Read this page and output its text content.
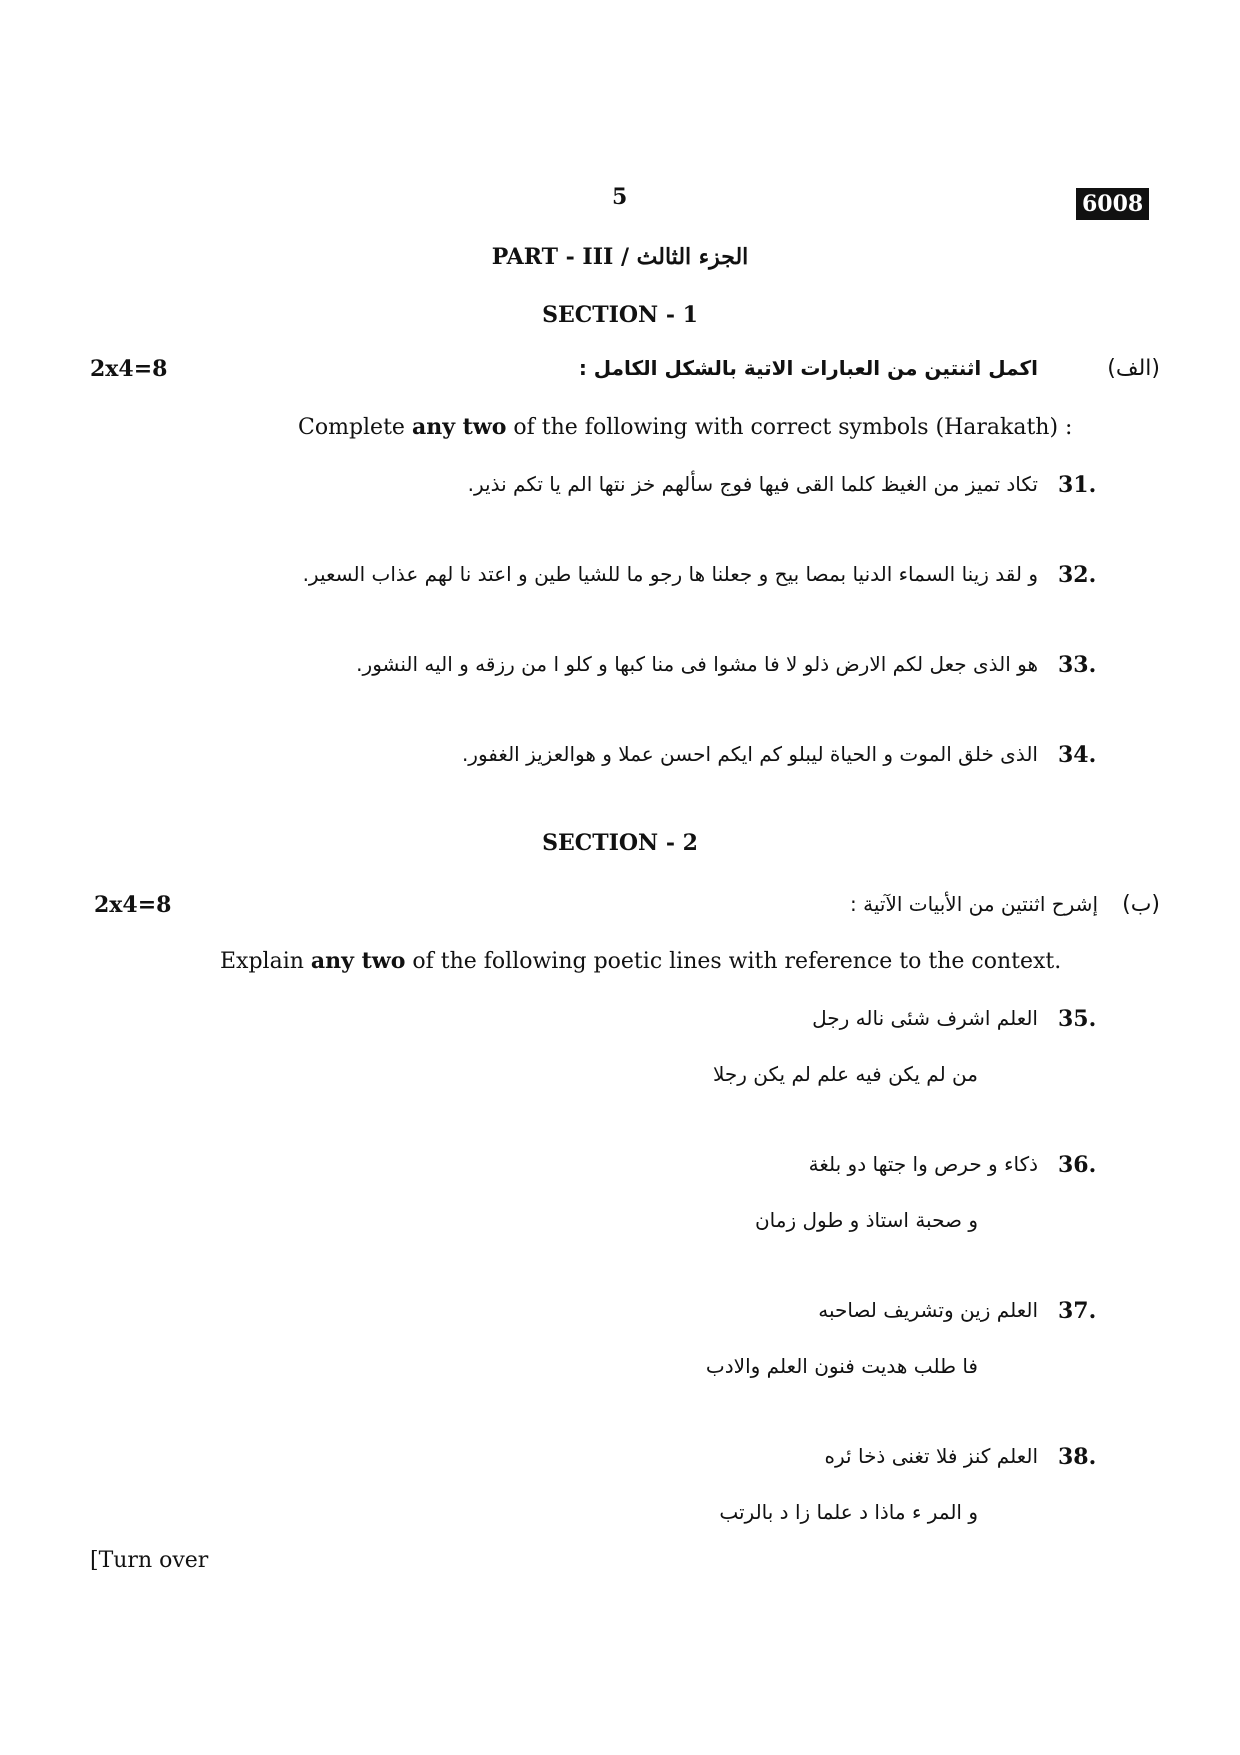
5	6008
PART - III / الجزء الثالث
SECTION - 1
2x4=8	اكمل اثنتين من العبارات الاتية بالشكل الكامل :	(الف)
Complete any two of the following with correct symbols (Harakath) :
31.
تكاد تميز من الغيظ كلما القى فيها فوج سألهم خز نتها الم يا تكم نذير.
32.
و لقد زينا السماء الدنيا بمصا بيح و جعلنا ها رجو ما للشيا طين و اعتد نا لهم عذاب السعير.
33.
هو الذى جعل لكم الارض ذلو لا فا مشوا فى منا كبها و كلو ا من رزقه و اليه النشور.
34.
الذى خلق الموت و الحياة ليبلو كم ايكم احسن عملا و هوالعزيز الغفور.
SECTION - 2
2x4=8	إشرح اثنتين من الأبيات الآتية : (ب)
Explain any two of the following poetic lines with reference to the context.
35.
العلم اشرف شئى ناله رجل
من لم يكن فيه علم لم يكن رجلا
36.
ذكاء و حرص وا جتها دو بلغة
و صحبة استاذ و طول زمان
37.
العلم زين وتشريف لصاحبه
فا طلب هديت فنون العلم والادب
38.
العلم كنز فلا تغنى ذخا ئره
و المر ء ماذا د علما زا د بالرتب
[Turn over
